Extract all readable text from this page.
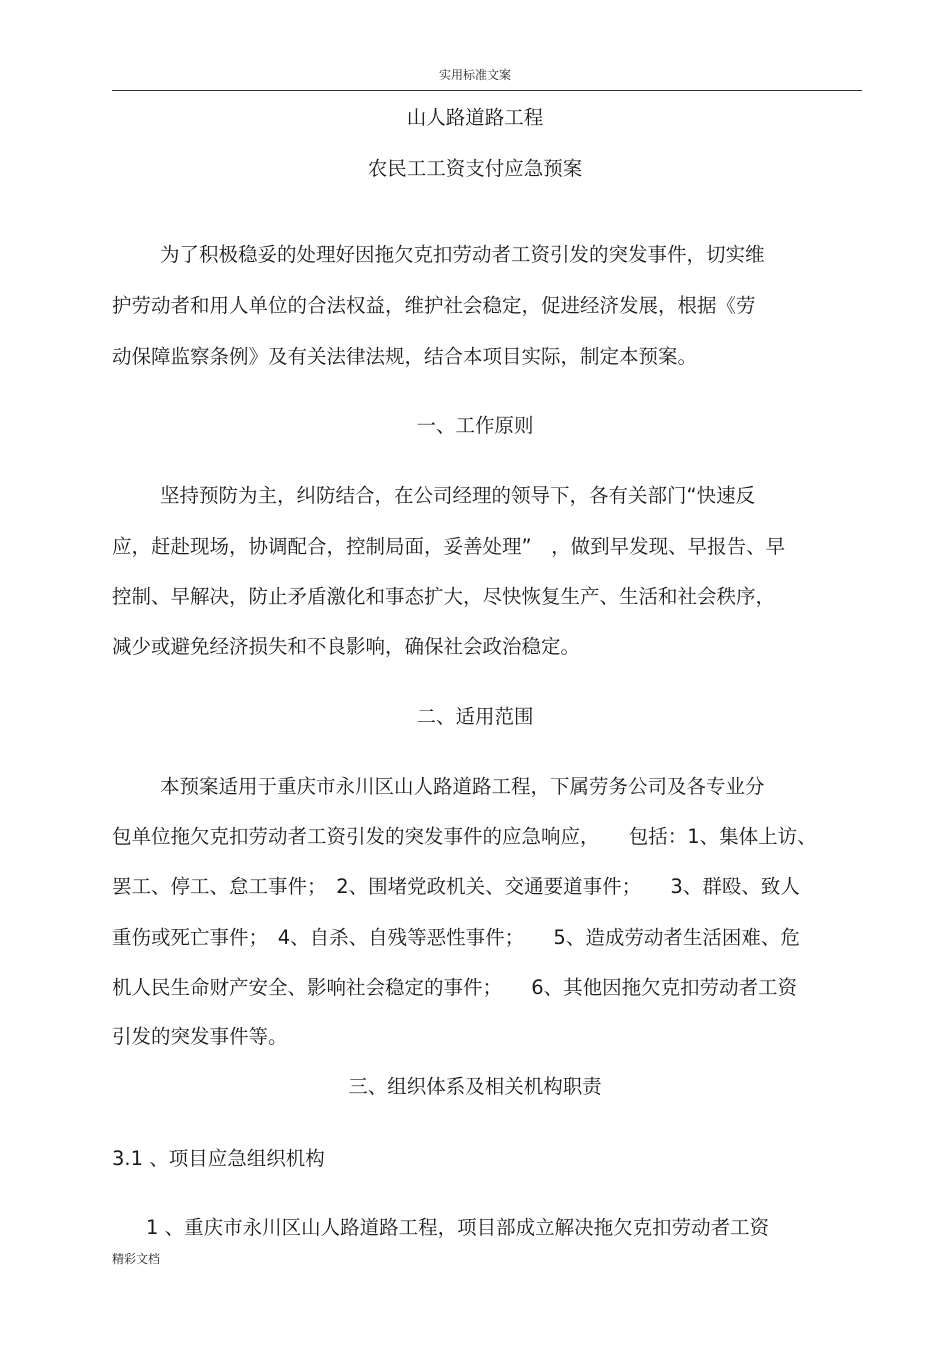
实用标准文案
山人路道路工程
农民工工资支付应急预案
为了积极稳妥的处理好因拖欠克扣劳动者工资引发的突发事件，切实维
护劳动者和用人单位的合法权益，维护社会稳定，促进经济发展，根据《劳
动保障监察条例》及有关法律法规，结合本项目实际，制定本预案。
一、工作原则
坚持预防为主，纠防结合，在公司经理的领导下，各有关部门“快速反
应，赶赴现场，协调配合，控制局面，妥善处理”　，做到早发现、早报告、早
控制、早解决，防止矛盾激化和事态扩大，尽快恢复生产、生活和社会秩序，
减少或避免经济损失和不良影响，确保社会政治稳定。
二、适用范围
本预案适用于重庆市永川区山人路道路工程，下属劳务公司及各专业分
包单位拖欠克扣劳动者工资引发的突发事件的应急响应，　　包括：1、集体上访、
罢工、停工、怠工事件；　2、围堵党政机关、交通要道事件；　　3、群殴、致人
重伤或死亡事件；　4、自杀、自残等恶性事件；　　5、造成劳动者生活困难、危
机人民生命财产安全、影响社会稳定的事件；　　6、其他因拖欠克扣劳动者工资
引发的突发事件等。
三、组织体系及相关机构职责
3.1 、项目应急组织机构
1 、重庆市永川区山人路道路工程，项目部成立解决拖欠克扣劳动者工资
精彩文档
